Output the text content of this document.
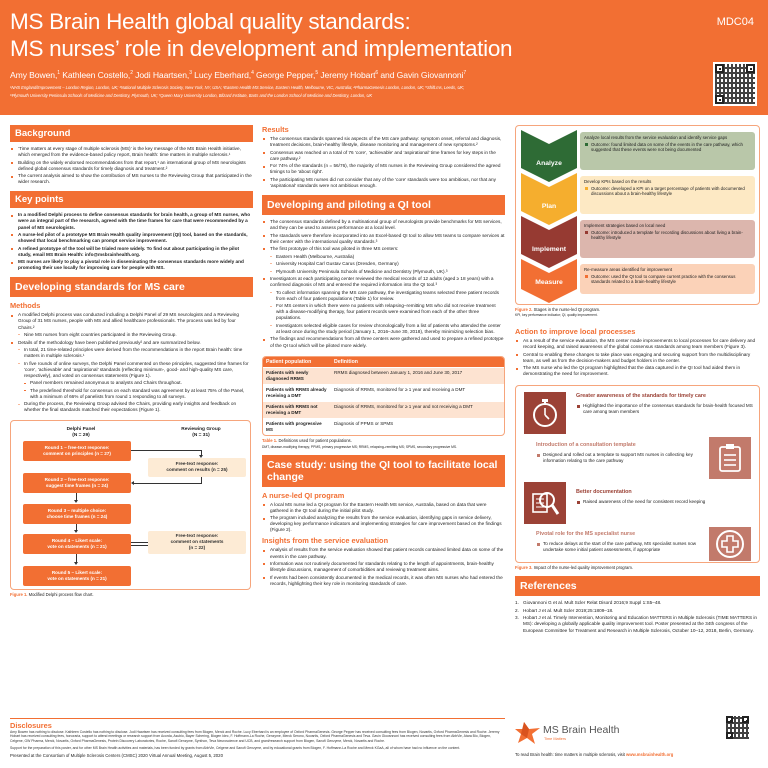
MS Brain Health global quality standards:
MS nurses’ role in development and implementation
MDC04
Amy Bowen,$^1$ Kathleen Costello,$^2$ Jodi Haartsen,$^3$ Lucy Eberhard,$^4$ George Pepper,$^5$ Jeremy Hobart$^6$ and Gavin Giovannoni$^7$
¹NHS England/Improvement – London Region, London, UK; ²National Multiple Sclerosis Society, New York, NY, USA; ³Eastern Health MS Service, Eastern Health, Melbourne, VIC, Australia; ⁴PharmaGenesis London, London, UK; ⁵Shift.ms, Leeds, UK;
⁶Plymouth University Peninsula Schools of Medicine and Dentistry, Plymouth, UK; ⁷Queen Mary University London, Blizard Institute, Barts and the London School of Medicine and Dentistry, London, UK
Background
‘Time matters at every stage of multiple sclerosis (MS)’ is the key message of the MS Brain Health initiative, which emerged from the evidence-based policy report, Brain health: time matters in multiple sclerosis.¹
Building on the widely endorsed recommendations from that report,¹ an international group of MS neurologists defined global consensus standards for timely diagnosis and treatment.²
The current analysis aimed to show the contribution of MS nurses to the Reviewing Group that participated in the wider research.
Key points
In a modified Delphi process to define consensus standards for brain health, a group of MS nurses, who were an integral part of the research, agreed with the time frames for care that were recommended by a panel of MS neurologists.
A nurse-led pilot of a prototype MS Brain Health quality improvement (QI) tool, based on the standards, showed that local benchmarking can prompt service improvement.
A refined prototype of the tool will be trialed more widely. To find out about participating in the pilot study, email MS Brain Health: info@msbrainhealth.org.
MS nurses are likely to play a pivotal role in disseminating the consensus standards more widely and promoting their use locally for improving care for people with MS.
Developing standards for MS care
Methods
A modified Delphi process was conducted including a Delphi Panel of 29 MS neurologists and a Reviewing Group of 31 MS nurses, people with MS and allied healthcare professionals. The process was led by four Chairs.²
Nine MS nurses from eight countries participated in the Reviewing Group.
Details of the methodology have been published previously² and are summarized below.
In total, 21 time-related principles were derived from the recommendations in the report Brain health: time matters in multiple sclerosis.¹
In five rounds of online surveys, the Delphi Panel commented on these principles, suggested time frames for ‘core’, ‘achievable’ and ‘aspirational’ standards (reflecting minimum-, good- and high-quality MS care, respectively), and voted on consensus statements (Figure 1).
Panel members remained anonymous to analysts and Chairs throughout.
The predefined threshold for consensus on each standard was agreement by at least 75% of the Panel, with a minimum of 66% of panelists from round 1 responding to all surveys.
During the process, the Reviewing Group advised the Chairs, providing early insights and feedback on whether the final standards matched their expectations (Figure 1).
Delphi Panel
(N = 29)
Reviewing Group
(N = 31)
Round 1 – free-text response:
comment on principles (n = 27)
Round 2 – free-text response:
suggest time frames (n = 24)
Round 3 – multiple choice:
choose time frames (n = 24)
Round 4 – Likert scale:
vote on statements (n = 21)
Round 5 – Likert scale:
vote on statements (n = 21)
Free-text response:
comment on results (n = 25)
Free-text response:
comment on statements
(n = 22)
Figure 1. Modified Delphi process flow chart.
Results
The consensus standards spanned six aspects of the MS care pathway: symptom onset, referral and diagnosis, treatment decisions, brain-healthy lifestyle, disease monitoring and management of new symptoms.²
Consensus was reached on a total of 76 ‘core’, ‘achievable’ and ‘aspirational’ time frames for key steps in the care pathway.²
For 74% of the standards (n = 56/76), the majority of MS nurses in the Reviewing Group considered the agreed timings to be ‘about right’.
The participating MS nurses did not consider that any of the ‘core’ standards were too ambitious, nor that any ‘aspirational’ standards were not ambitious enough.
Developing and piloting a QI tool
The consensus standards defined by a multinational group of neurologists provide benchmarks for MS services, and they can be used to assess performance at a local level.
The standards were therefore incorporated into an Excel-based QI tool to allow MS teams to compare services at their center with the international quality standards.³
The first prototype of this tool was piloted in three MS centers:
Eastern Health (Melbourne, Australia)
University Hospital Carl Gustav Carus (Dresden, Germany)
Plymouth University Peninsula Schools of Medicine and Dentistry (Plymouth, UK).³
Investigators at each participating center reviewed the medical records of 12 adults (aged ≥ 18 years) with a confirmed diagnosis of MS and entered the required information into the QI tool.³
To collect information spanning the MS care pathway, the investigating teams selected three patient records from each of four patient populations (Table 1) for review.
For MS centers in which there were no patients with relapsing–remitting MS who did not receive treatment with a disease-modifying therapy, four patient records were examined from each of the other three populations.
Investigators selected eligible cases for review chronologically from a list of patients who attended the center at least once during the study period (January 1, 2016–June 30, 2018), thereby minimizing selection bias.
The findings and recommendations from all three centers were gathered and used to prepare a refined prototype of the QI tool which will be piloted more widely.
Patient population	Definition
Patients with newly diagnosed RRMS	RRMS diagnosed between January 1, 2016 and June 30, 2017
Patients with RRMS already receiving a DMT	Diagnosis of RRMS, monitored for ≥ 1 year and receiving a DMT
Patients with RRMS not receiving a DMT	Diagnosis of RRMS, monitored for ≥ 1 year and not receiving a DMT
Patients with progressive MS	Diagnosis of PPMS or SPMS
Table 1. Definitions used for patient populations.
DMT, disease-modifying therapy; PPMS, primary progressive MS; RRMS, relapsing–remitting MS; SPMS, secondary progressive MS.
Case study: using the QI tool to facilitate local change
A nurse-led QI program
A local MS nurse led a QI program for the Eastern Health MS service, Australia, based on data that were gathered in the QI tool during the initial pilot study.
The program included analyzing the results from the service evaluation, identifying gaps in service delivery, developing key performance indicators and implementing strategies for care improvement based on the findings (Figure 2).
Insights from the service evaluation
Analysis of results from the service evaluation showed that patient records contained limited data on some of the events in the care pathway.
Information was not routinely documented for standards relating to the length of appointments, brain-healthy lifestyle discussions, management of comorbidities and reviewing treatment aims.
If events had been consistently documented in the medical records, it was often MS nurses who had entered the records, highlighting their key role in monitoring standards of care.
Analyze
Analyze local results from the service evaluation and identify service gaps
Outcome: found limited data on some of the events in the care pathway, which suggested that these events were not being documented
Plan
Develop KPIs based on the results
Outcome: developed a KPI on a target percentage of patients with documented discussions about a brain-healthy lifestyle
Implement
Implement strategies based on local need
Outcome: introduced a template for recording discussions about living a brain-healthy lifestyle
Measure
Re-measure areas identified for improvement
Outcome: used the QI tool to compare current practice with the consensus standards related to a brain-healthy lifestyle
Figure 2. Stages in the nurse-led QI program.
KPI, key performance indicator; QI, quality improvement.
Action to improve local processes
As a result of the service evaluation, the MS center made improvements to local processes for care delivery and record keeping, and raised awareness of the global consensus standards among team members (Figure 3).
Central to enabling these changes to take place was engaging and securing support from the multidisciplinary team, as well as from the decision-makers and budget holders in the center.
The MS nurse who led the QI program highlighted that the data captured in the QI tool had aided them in demonstrating the need for improvement.
Greater awareness of the standards for timely care
Highlighted the importance of the consensus standards for brain-health focused MS care among team members
Introduction of a consultation template
Designed and rolled out a template to support MS nurses in collecting key information relating to the care pathway
Better documentation
Raised awareness of the need for consistent record keeping
Pivotal role for the MS specialist nurse
To reduce delays at the start of the care pathway, MS specialist nurses now undertake some initial patient assessments, if appropriate
Figure 3. Impact of the nurse-led quality improvement program.
References
1. Giovannoni G et al. Mult Scler Relat Disord 2016;9 Suppl 1:S5–48.
2. Hobart J et al. Mult Scler 2019;25:1809–18.
3. Hobart J et al. Timely Intervention, Monitoring and Education MATTERS in Multiple Sclerosis (TIME MATTERS in MS): developing a globally applicable quality improvement tool. Poster presented at the 34th congress of the European Committee for Treatment and Research in Multiple Sclerosis, October 10–12, 2018, Berlin, Germany.
Disclosures

Amy Bowen has nothing to disclose. Kathleen Costello has nothing to disclose. Jodi Haartsen has received consulting fees from Biogen, Merck and Roche. Lucy Eberhard is an employee of Oxford PharmaGenesis. George Pepper has received consulting fees from Biogen, Novartis, Oxford PharmaGenesis and Roche. Jeremy Hobart has received consulting fees, honoraria, support to attend meetings or research support from Acorda, Asubio, Bayer Schering, Biogen Idec, F. Hoffmann-La Roche, Genzyme, Merck Serono, Novartis, Oxford PharmaGenesis and Teva. Gavin Giovannoni has received consulting fees from AbbVie, Atara Bio, Biogen, Celgene, GW Pharma, Merck, Novartis, Oxford PharmaGenesis, Protein Discovery Laboratories, Roche, Sanofi Genzyme, Synthon, Teva Neuroscience and UCB, and grant/research support from Biogen, Sanofi Genzyme, Merck, Novartis and Roche.

Support for the preparation of this poster, and for other MS Brain Health activities and materials, has been funded by grants from AbbVie, Celgene and Sanofi Genzyme, and by educational grants from Biogen, F. Hoffmann-La Roche and Merck KGaA, all of whom have had no influence on the content.

Presented at the Consortium of Multiple Sclerosis Centers (CMSC) 2020 Virtual Annual Meeting, August 5, 2020
MS Brain Health
Time Matters
To read Brain health: time matters in multiple sclerosis, visit www.msbrainhealth.org
